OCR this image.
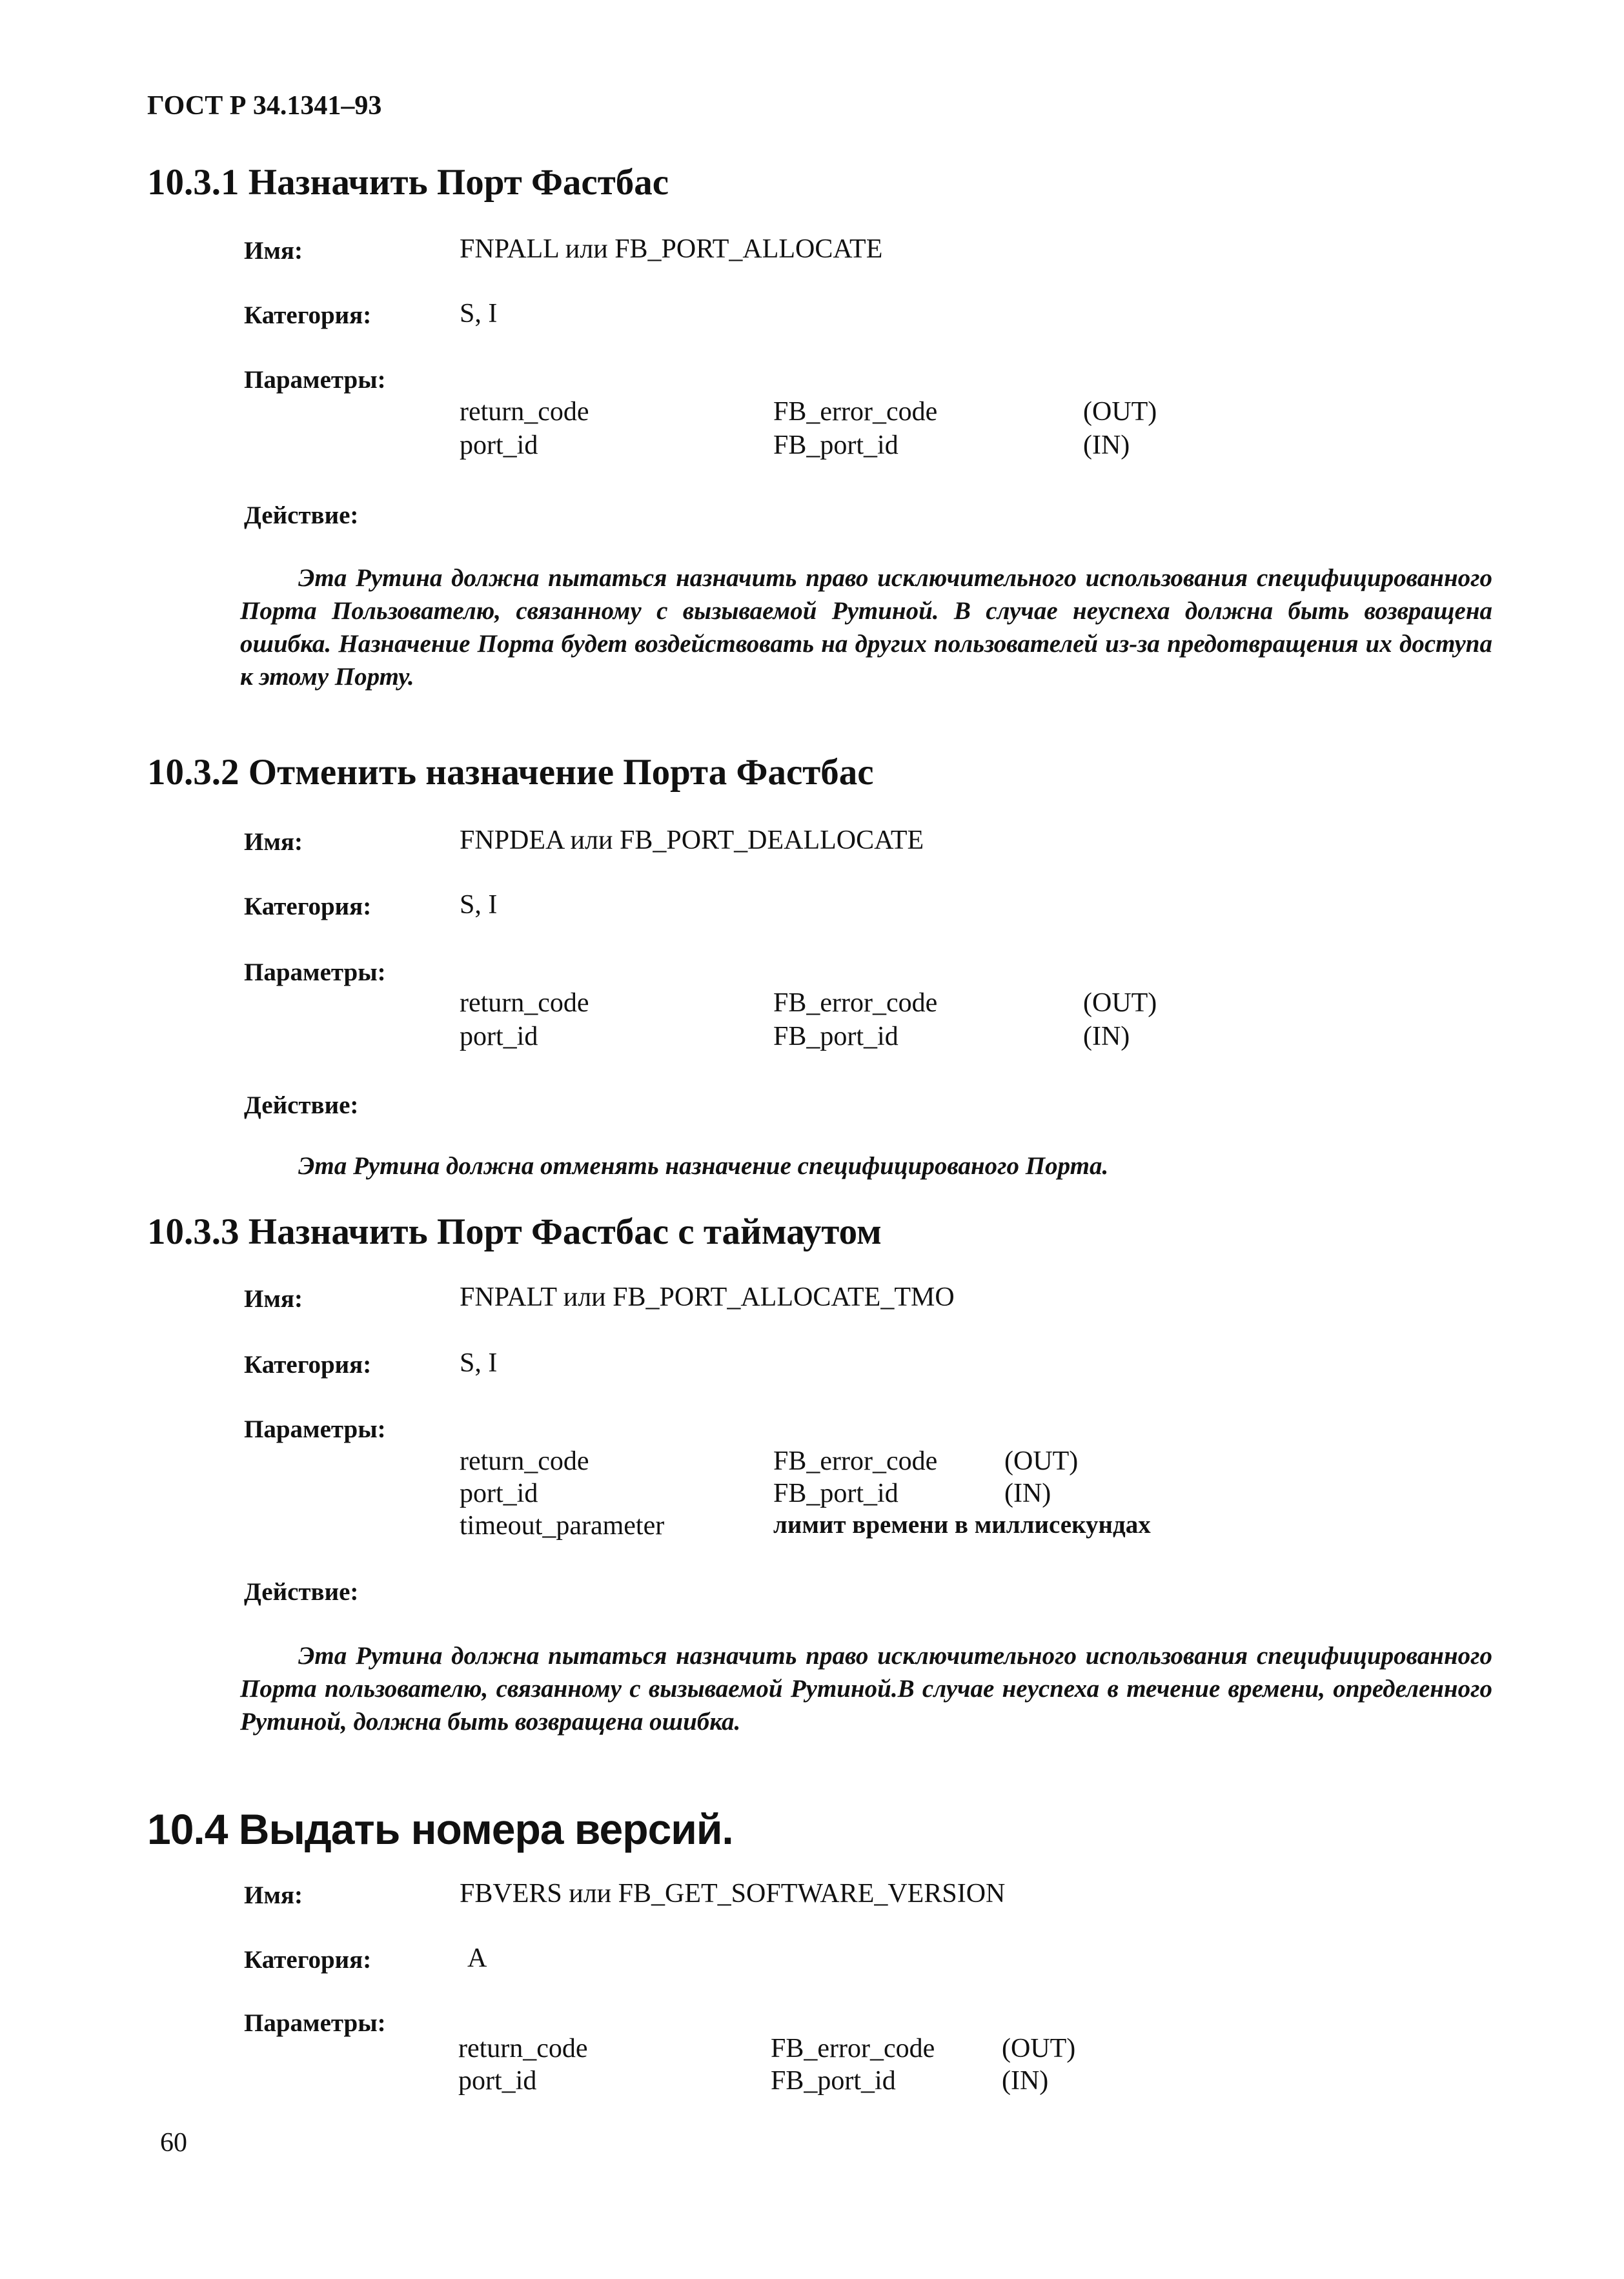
ГОСТ Р 34.1341–93
10.3.1 Назначить Порт Фастбас
Имя:	FNPALL или FB_PORT_ALLOCATE
Категория:	S, I
Параметры:
return_code	FB_error_code	(OUT)
port_id	FB_port_id	(IN)
Действие:
Эта Рутина должна пытаться назначить право исключительного использования специфицированного Порта Пользователю, связанному с вызываемой Рутиной. В случае неуспеха должна быть возвращена ошибка. Назначение Порта будет воздействовать на других пользователей из-за предотвращения их доступа к этому Порту.
10.3.2 Отменить назначение Порта Фастбас
Имя:	FNPDEA или FB_PORT_DEALLOCATE
Категория:	S, I
Параметры:
return_code	FB_error_code	(OUT)
port_id	FB_port_id	(IN)
Действие:
Эта Рутина должна отменять назначение специфицированого Порта.
10.3.3 Назначить Порт Фастбас с таймаутом
Имя:	FNPALT или FB_PORT_ALLOCATE_TMO
Категория:	S, I
Параметры:
return_code	FB_error_code (OUT)
port_id	FB_port_id	(IN)
timeout_parameter	лимит времени в миллисекундах
Действие:
Эта Рутина должна пытаться назначить право исключительного использования специфицированного Порта пользователю, связанному с вызываемой Рутиной.В случае неуспеха в течение времени, определенного Рутиной, должна быть возвращена ошибка.
10.4 Выдать номера версий.
Имя:	FBVERS или FB_GET_SOFTWARE_VERSION
Категория:	A
Параметры:
return_code	FB_error_code (OUT)
port_id	FB_port_id	(IN)
60
